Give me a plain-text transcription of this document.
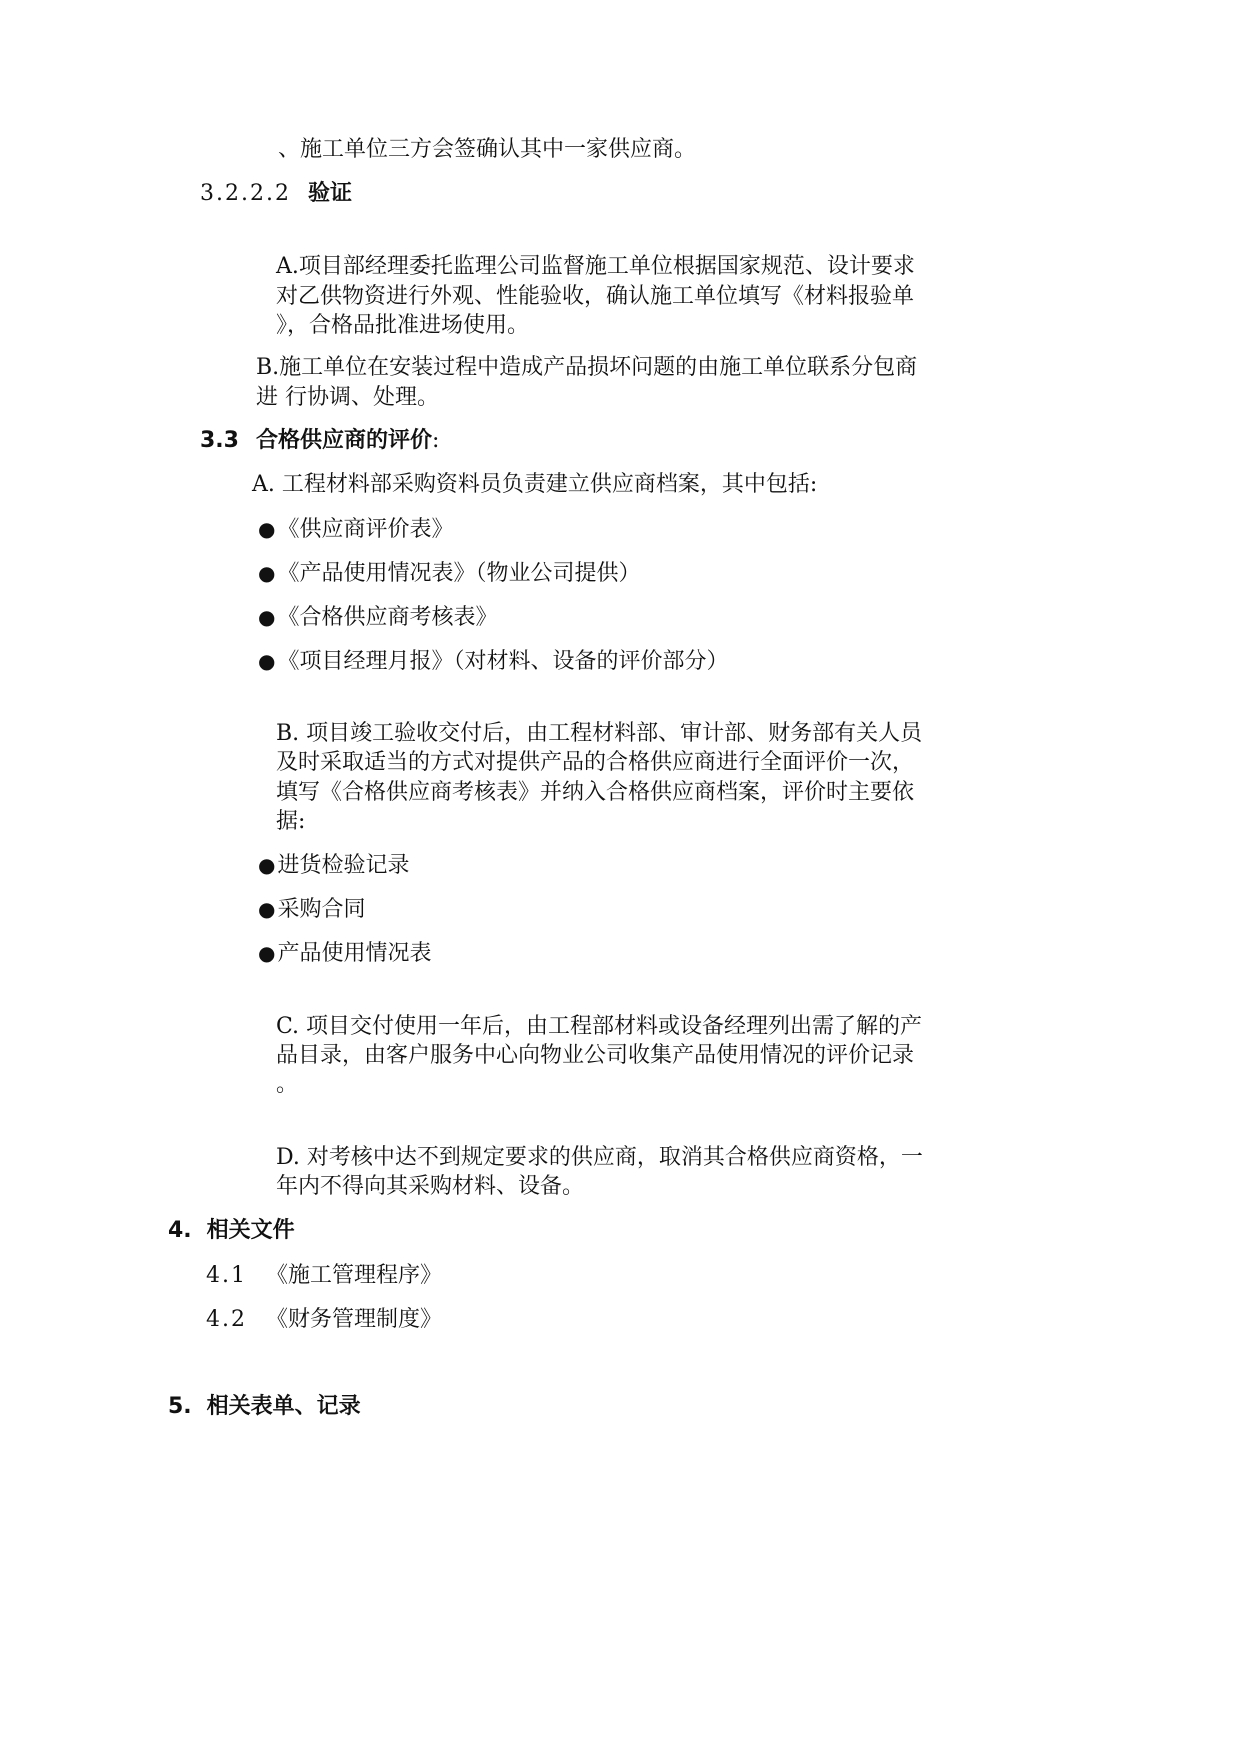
、施工单位三方会签确认其中一家供应商。
3.2.2.2 验证
A.项目部经理委托监理公司监督施工单位根据国家规范、设计要求
对乙供物资进行外观、性能验收，确认施工单位填写《材料报验单
》，合格品批准进场使用。
B.施工单位在安装过程中造成产品损坏问题的由施工单位联系分包商
进 行协调、处理。
3.3 合格供应商的评价:
A. 工程材料部采购资料员负责建立供应商档案，其中包括:
●《供应商评价表》
●《产品使用情况表》（物业公司提供）
●《合格供应商考核表》
●《项目经理月报》（对材料、设备的评价部分）
B. 项目竣工验收交付后，由工程材料部、审计部、财务部有关人员
及时采取适当的方式对提供产品的合格供应商进行全面评价一次，
填写《合格供应商考核表》并纳入合格供应商档案，评价时主要依
据:
●进货检验记录
●采购合同
●产品使用情况表
C. 项目交付使用一年后，由工程部材料或设备经理列出需了解的产
品目录，由客户服务中心向物业公司收集产品使用情况的评价记录
。
D. 对考核中达不到规定要求的供应商，取消其合格供应商资格，一
年内不得向其采购材料、设备。
4. 相关文件
4.1 《施工管理程序》
4.2 《财务管理制度》
5. 相关表单、记录
